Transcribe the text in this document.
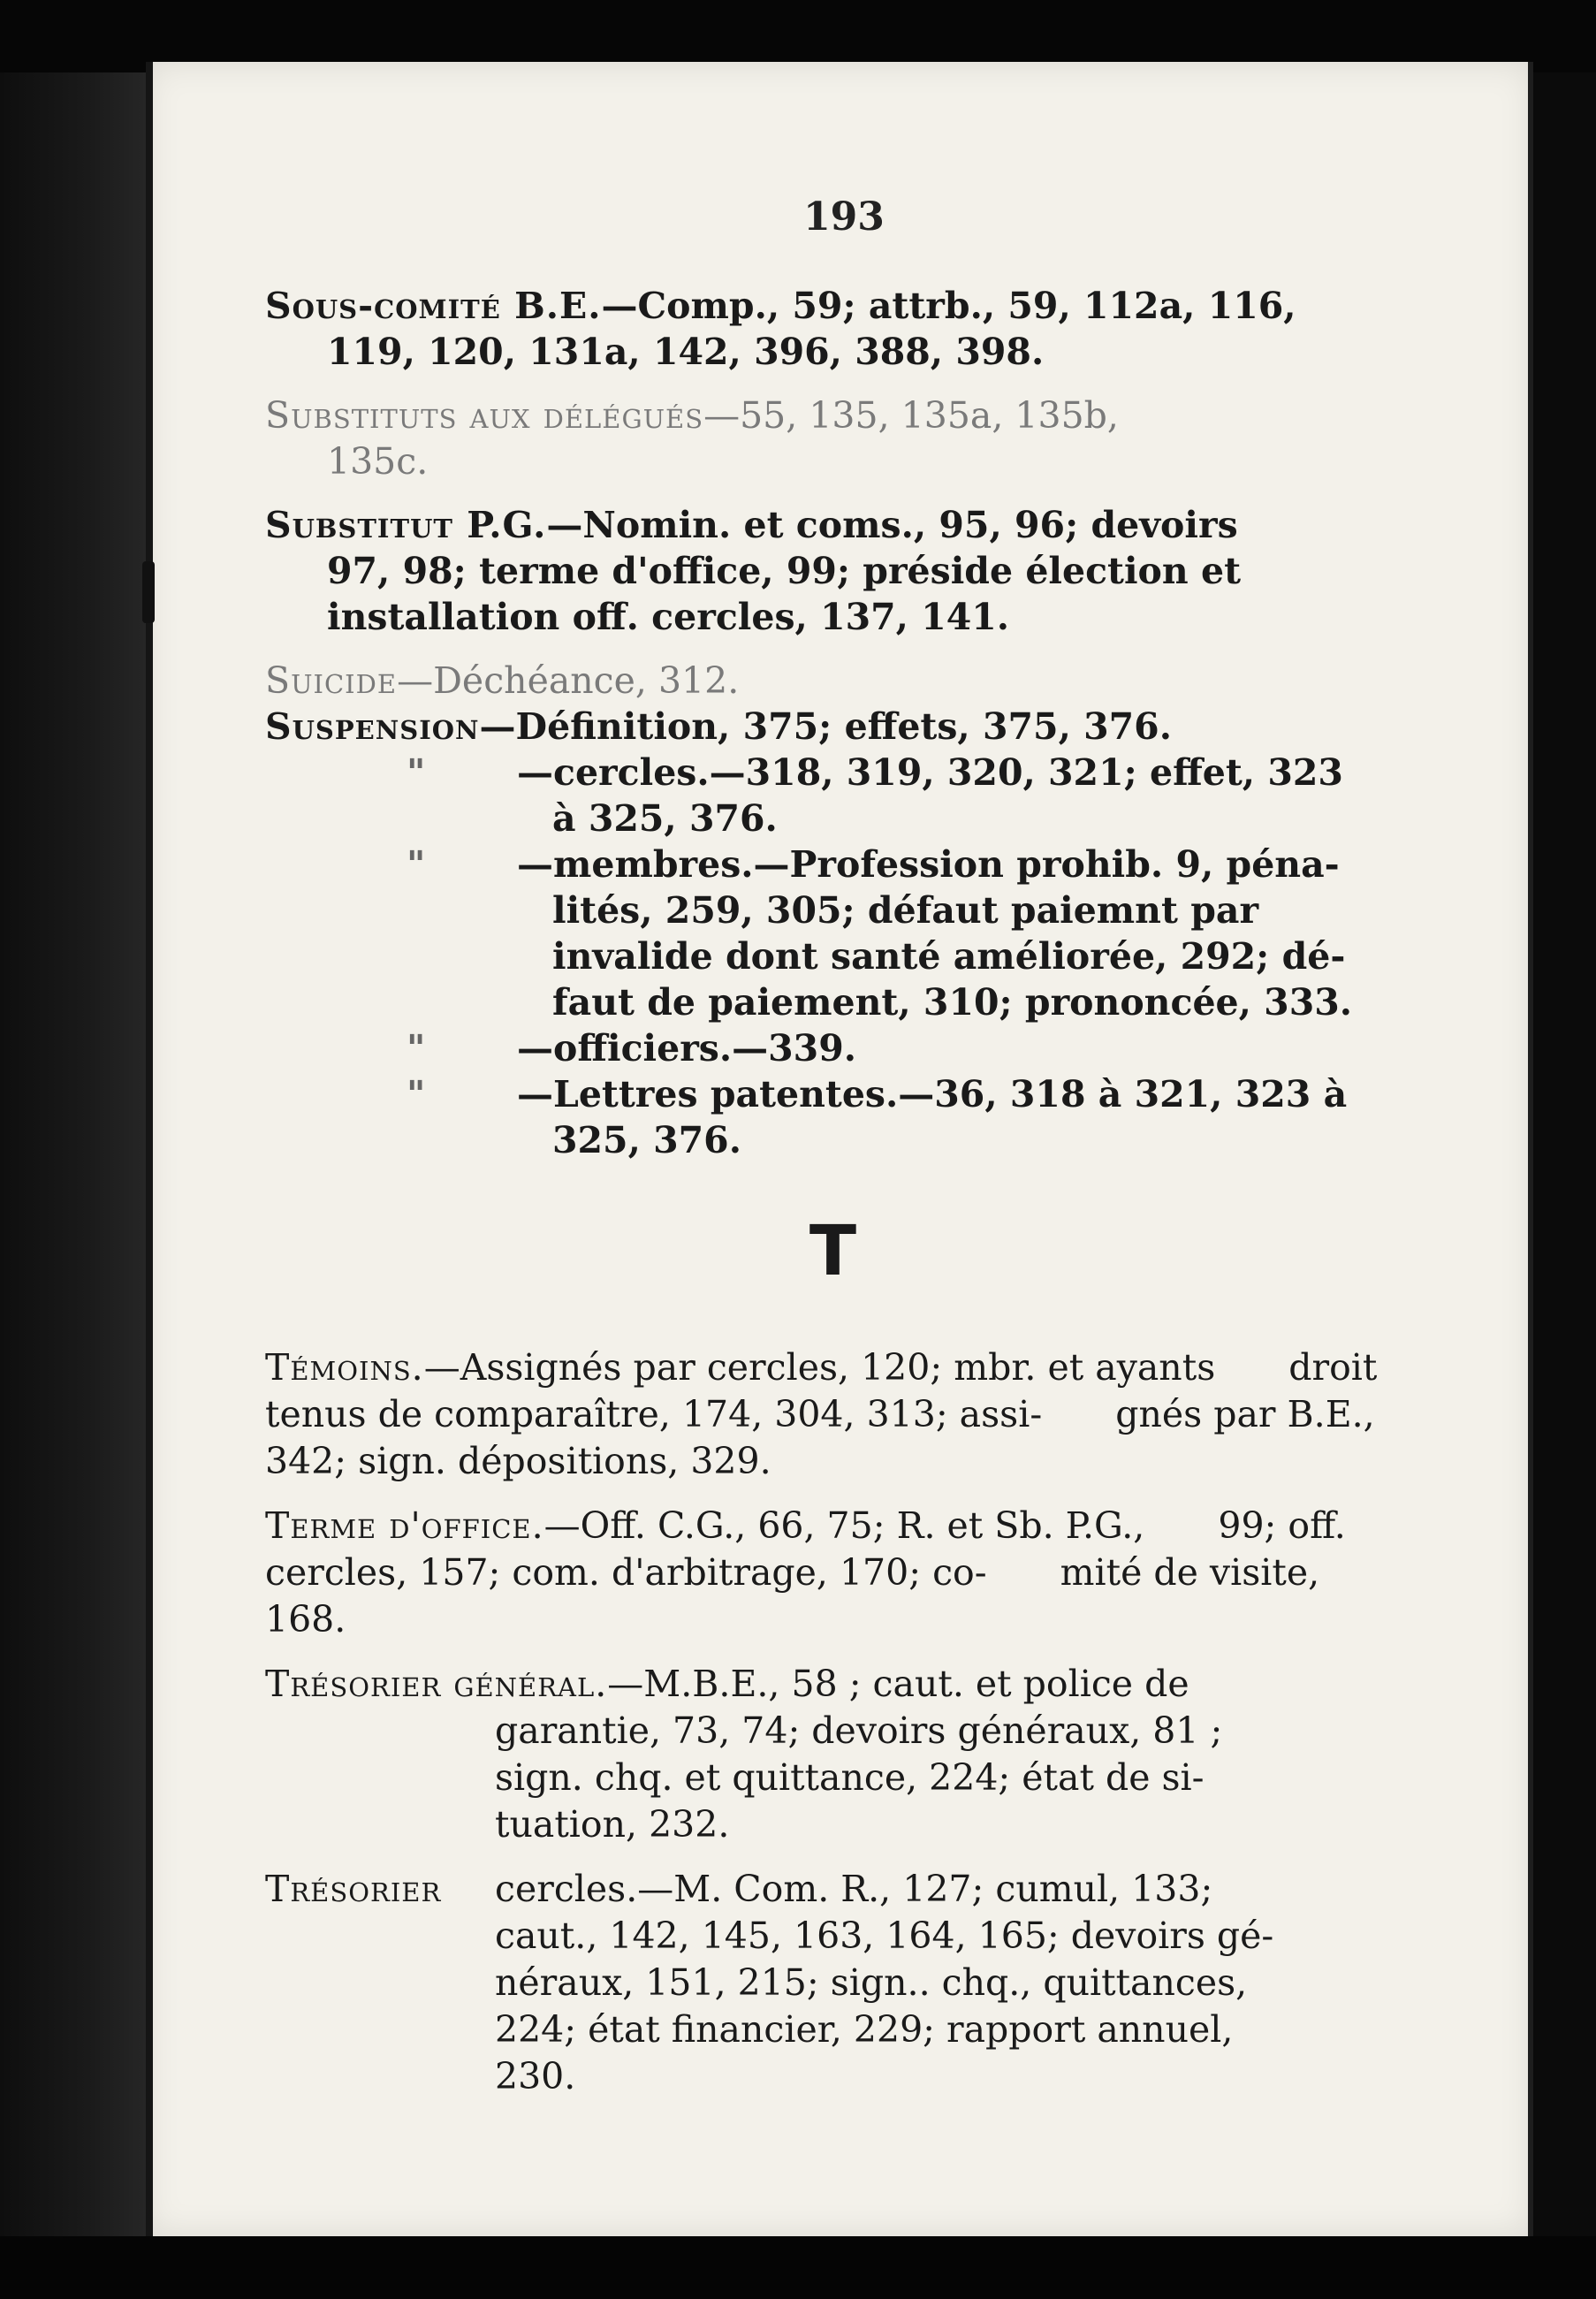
193
Sous-comité B.E.—Comp., 59; attrb., 59, 112a, 116,
119, 120, 131a, 142, 396, 388, 398.
Substituts aux délégués—55, 135, 135a, 135b,
135c.
Substitut P.G.—Nomin. et coms., 95, 96; devoirs
97, 98; terme d'office, 99; préside élection et
installation off. cercles, 137, 141.
Suicide—Déchéance, 312.
Suspension—Définition, 375; effets, 375, 376.
"	—cercles.—318, 319, 320, 321; effet, 323
à 325, 376.
"	—membres.—Profession prohib. 9, péna-
lités, 259, 305; défaut paiemnt par
invalide dont santé améliorée, 292; dé-
faut de paiement, 310; prononcée, 333.
"	—officiers.—339.
"	—Lettres patentes.—36, 318 à 321, 323 à
325, 376.
T
Témoins.—Assignés par cercles, 120; mbr. et ayants droit tenus de comparaître, 174, 304, 313; assi- gnés par B.E., 342; sign. dépositions, 329.
Terme d'office.—Off. C.G., 66, 75; R. et Sb. P.G., 99; off. cercles, 157; com. d'arbitrage, 170; co- mité de visite, 168.
Trésorier général.—M.B.E., 58 ; caut. et police de garantie, 73, 74; devoirs généraux, 81 ; sign. chq. et quittance, 224; état de si- tuation, 232.
Trésorier	cercles.—M. Com. R., 127; cumul, 133;
caut., 142, 145, 163, 164, 165; devoirs gé-
néraux, 151, 215; sign.. chq., quittances,
224; état financier, 229; rapport annuel,
230.
